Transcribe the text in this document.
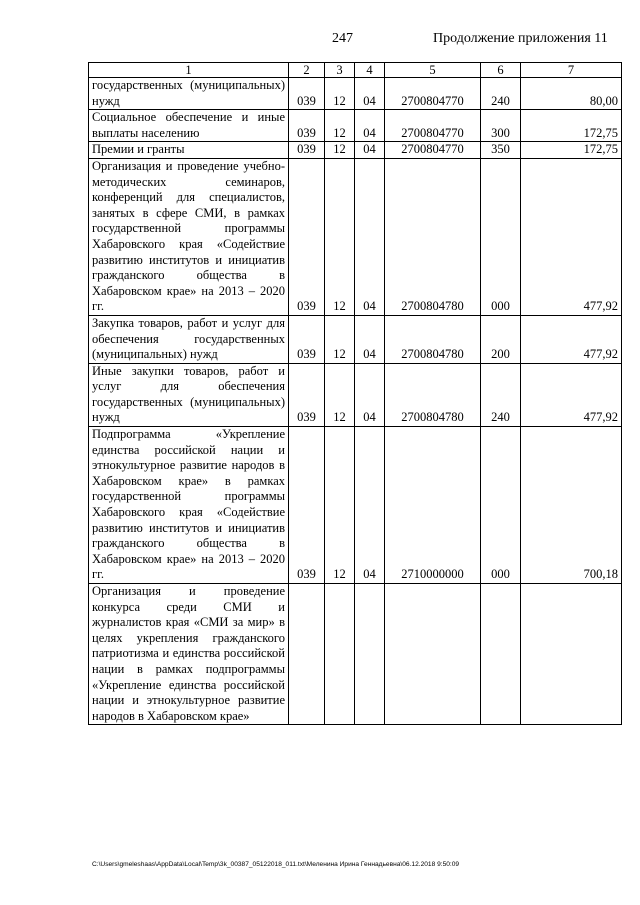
247	Продолжение приложения 11
1	2	3	4	5	6	7
государственных (муниципальных) нужд	039	12	04	2700804770	240	80,00
Социальное обеспечение и иные выплаты населению	039	12	04	2700804770	300	172,75
Премии и гранты	039	12	04	2700804770	350	172,75
Организация и проведение учебно-методических семинаров, конференций для специалистов, занятых в сфере СМИ, в рамках государственной программы Хабаровского края «Содействие развитию институтов и инициатив гражданского общества в Хабаровском крае» на 2013 – 2020 гг.	039	12	04	2700804780	000	477,92
Закупка товаров, работ и услуг для обеспечения государственных (муниципальных) нужд	039	12	04	2700804780	200	477,92
Иные закупки товаров, работ и услуг для обеспечения государственных (муниципальных) нужд	039	12	04	2700804780	240	477,92
Подпрограмма «Укрепление единства российской нации и этнокультурное развитие народов в Хабаровском крае» в рамках государственной программы Хабаровского края «Содействие развитию институтов и инициатив гражданского общества в Хабаровском крае» на 2013 – 2020 гг.	039	12	04	2710000000	000	700,18
Организация и проведение конкурса среди СМИ и журналистов края «СМИ за мир» в целях укрепления гражданского патриотизма и единства российской нации в рамках подпрограммы «Укрепление единства российской нации и этнокультурное развитие народов в Хабаровском крае»						
C:\Users\gmeleshaas\AppData\Local\Temp\3k_00387_05122018_011.txt\Меленина Ирина Геннадьевна\06.12.2018 9:50:09
